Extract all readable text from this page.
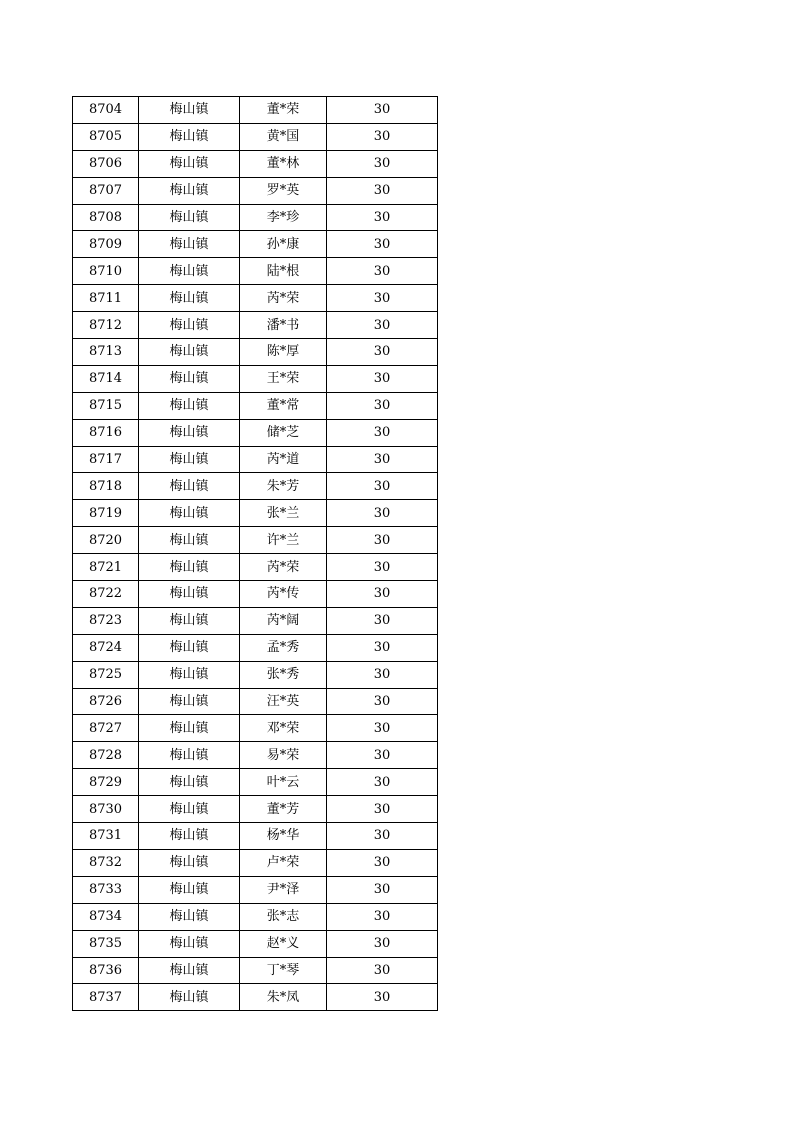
8704	梅山镇	董*荣	30
8705	梅山镇	黄*国	30
8706	梅山镇	董*林	30
8707	梅山镇	罗*英	30
8708	梅山镇	李*珍	30
8709	梅山镇	孙*康	30
8710	梅山镇	陆*根	30
8711	梅山镇	芮*荣	30
8712	梅山镇	潘*书	30
8713	梅山镇	陈*厚	30
8714	梅山镇	王*荣	30
8715	梅山镇	董*常	30
8716	梅山镇	储*芝	30
8717	梅山镇	芮*道	30
8718	梅山镇	朱*芳	30
8719	梅山镇	张*兰	30
8720	梅山镇	许*兰	30
8721	梅山镇	芮*荣	30
8722	梅山镇	芮*传	30
8723	梅山镇	芮*阔	30
8724	梅山镇	孟*秀	30
8725	梅山镇	张*秀	30
8726	梅山镇	汪*英	30
8727	梅山镇	邓*荣	30
8728	梅山镇	易*荣	30
8729	梅山镇	叶*云	30
8730	梅山镇	董*芳	30
8731	梅山镇	杨*华	30
8732	梅山镇	卢*荣	30
8733	梅山镇	尹*泽	30
8734	梅山镇	张*志	30
8735	梅山镇	赵*义	30
8736	梅山镇	丁*琴	30
8737	梅山镇	朱*凤	30
